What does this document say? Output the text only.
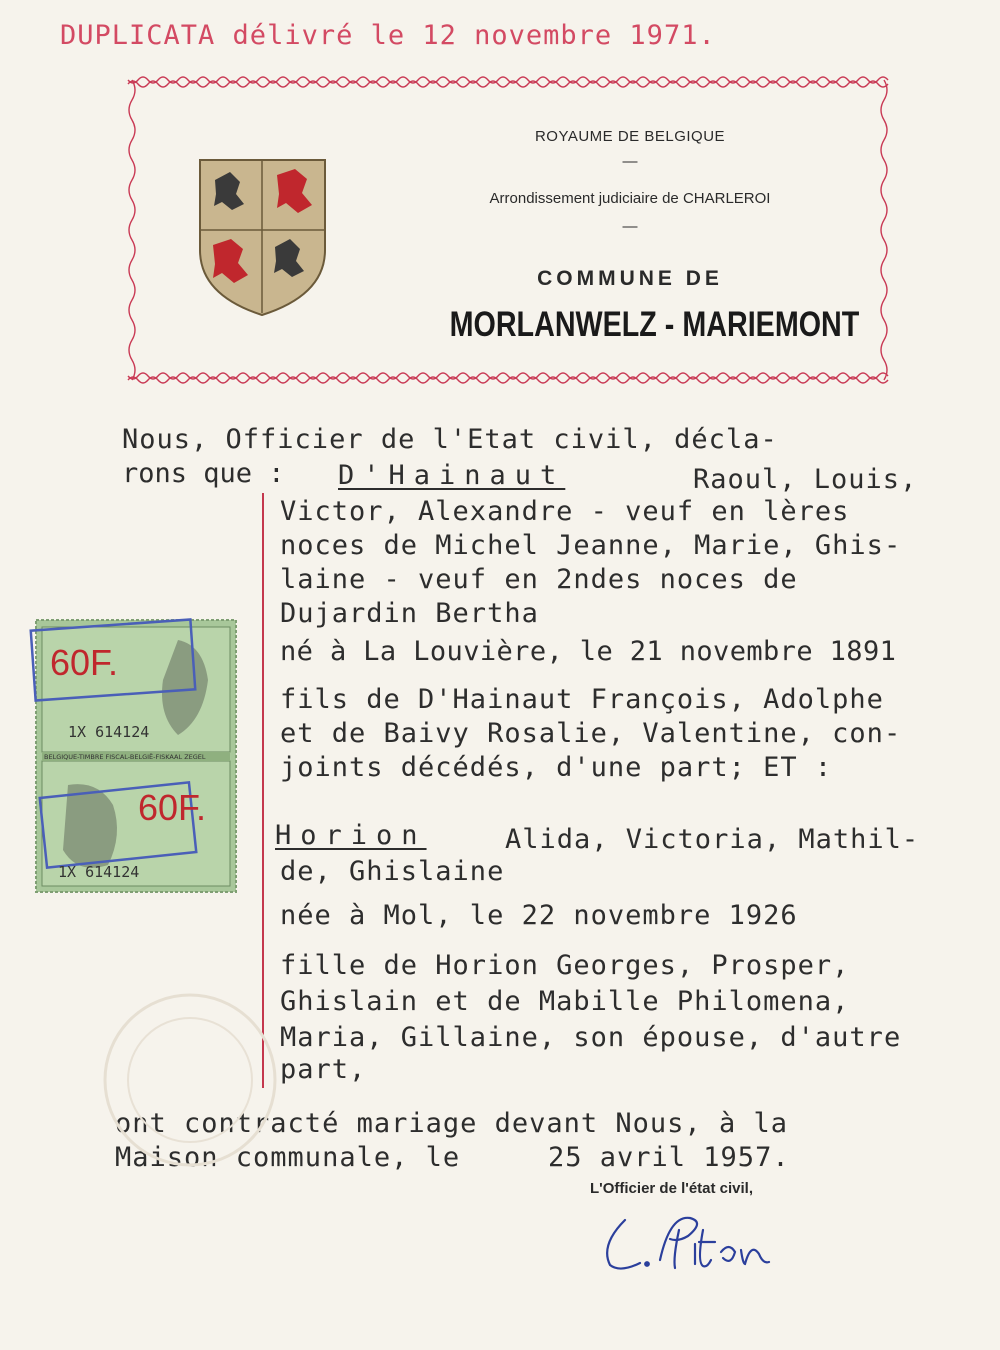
DUPLICATA délivré le 12 novembre 1971.
ROYAUME DE BELGIQUE
—
Arrondissement judiciaire de CHARLEROI
—
COMMUNE DE
MORLANWELZ - MARIEMONT
Nous, Officier de l'Etat civil, décla-
rons que : D'Hainaut	Raoul, Louis,
Victor, Alexandre - veuf en lères
noces de Michel Jeanne, Marie, Ghis-
laine - veuf en 2ndes noces de
Dujardin Bertha
né à La Louvière, le 21 novembre 1891
fils de D'Hainaut François, Adolphe
et de Baivy Rosalie, Valentine, con-
joints décédés, d'une part; ET :
Horion	Alida, Victoria, Mathil-
de, Ghislaine
née à Mol, le 22 novembre 1926
fille de Horion Georges, Prosper,
Ghislain et de Mabille Philomena,
Maria, Gillaine, son épouse, d'autre
part,
ont contracté mariage devant Nous, à la
Maison communale, le	25 avril 1957.
60F.
60F.
1X 614124
1X 614124
BELGIQUE-TIMBRE FISCAL-BELGIË-FISKAAL ZEGEL
L'Officier de l'état civil,
